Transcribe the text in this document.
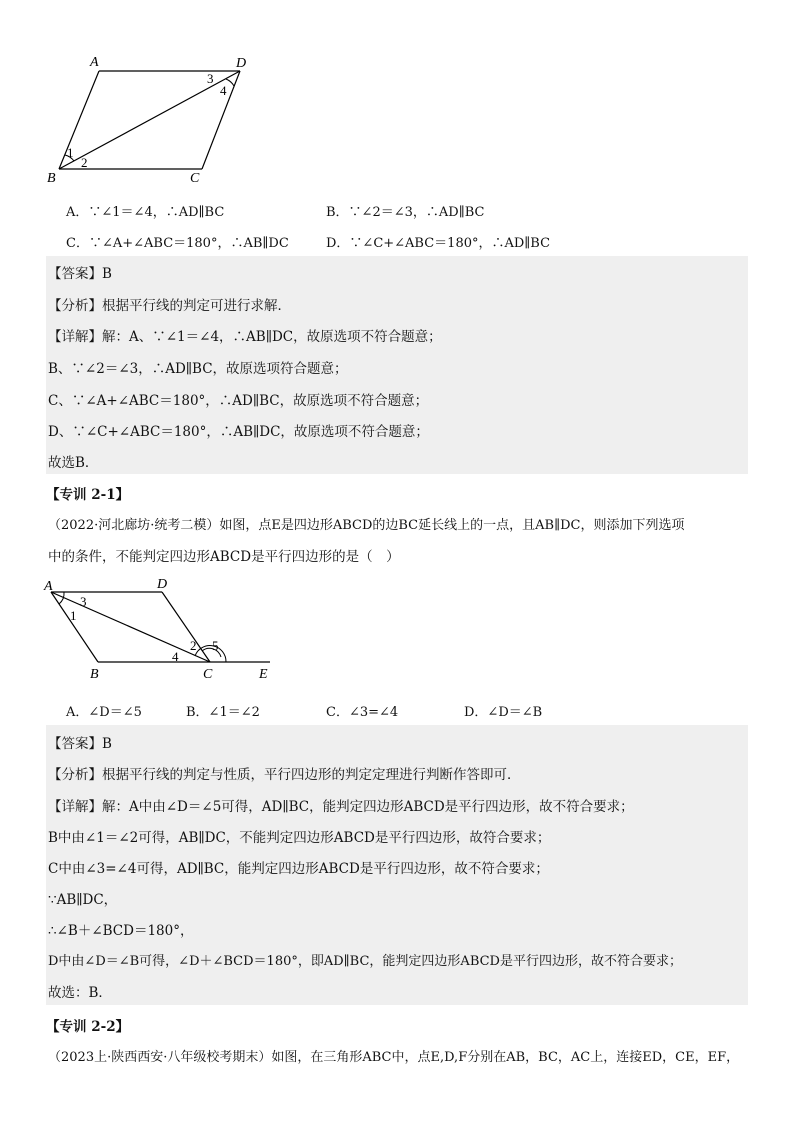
A	D
B	C
1
2
3
4
A．∵∠1＝∠4，∴AD∥BC	B．∵∠2＝∠3，∴AD∥BC
C．∵∠A+∠ABC＝180°，∴AB∥DC	D．∵∠C+∠ABC＝180°，∴AD∥BC
【答案】B
【分析】根据平行线的判定可进行求解．
【详解】解：A、∵∠1＝∠4，∴AB∥DC，故原选项不符合题意；
B、∵∠2＝∠3，∴AD∥BC，故原选项符合题意；
C、∵∠A+∠ABC＝180°，∴AD∥BC，故原选项不符合题意；
D、∵∠C+∠ABC＝180°，∴AB∥DC，故原选项不符合题意；
故选B．
【专训 2-1】
（2022·河北廊坊·统考二模）如图，点E是四边形ABCD的边BC延长线上的一点，且AB∥DC，则添加下列选项
中的条件，不能判定四边形ABCD是平行四边形的是（　）
A	D
B	C	E
1
2
3
4
5
A．∠D＝∠5	B．∠1＝∠2	C．∠3=∠4	D．∠D＝∠B
【答案】B
【分析】根据平行线的判定与性质，平行四边形的判定定理进行判断作答即可．
【详解】解：A中由∠D＝∠5可得，AD∥BC，能判定四边形ABCD是平行四边形，故不符合要求；
B中由∠1＝∠2可得，AB∥DC，不能判定四边形ABCD是平行四边形，故符合要求；
C中由∠3=∠4可得，AD∥BC，能判定四边形ABCD是平行四边形，故不符合要求；
∵AB∥DC，
∴∠B＋∠BCD＝180°，
D中由∠D＝∠B可得，∠D＋∠BCD＝180°，即AD∥BC，能判定四边形ABCD是平行四边形，故不符合要求；
故选：B．
【专训 2-2】
（2023上·陕西西安·八年级校考期末）如图，在三角形ABC中，点E,D,F分别在AB，BC，AC上，连接ED，CE，EF，
